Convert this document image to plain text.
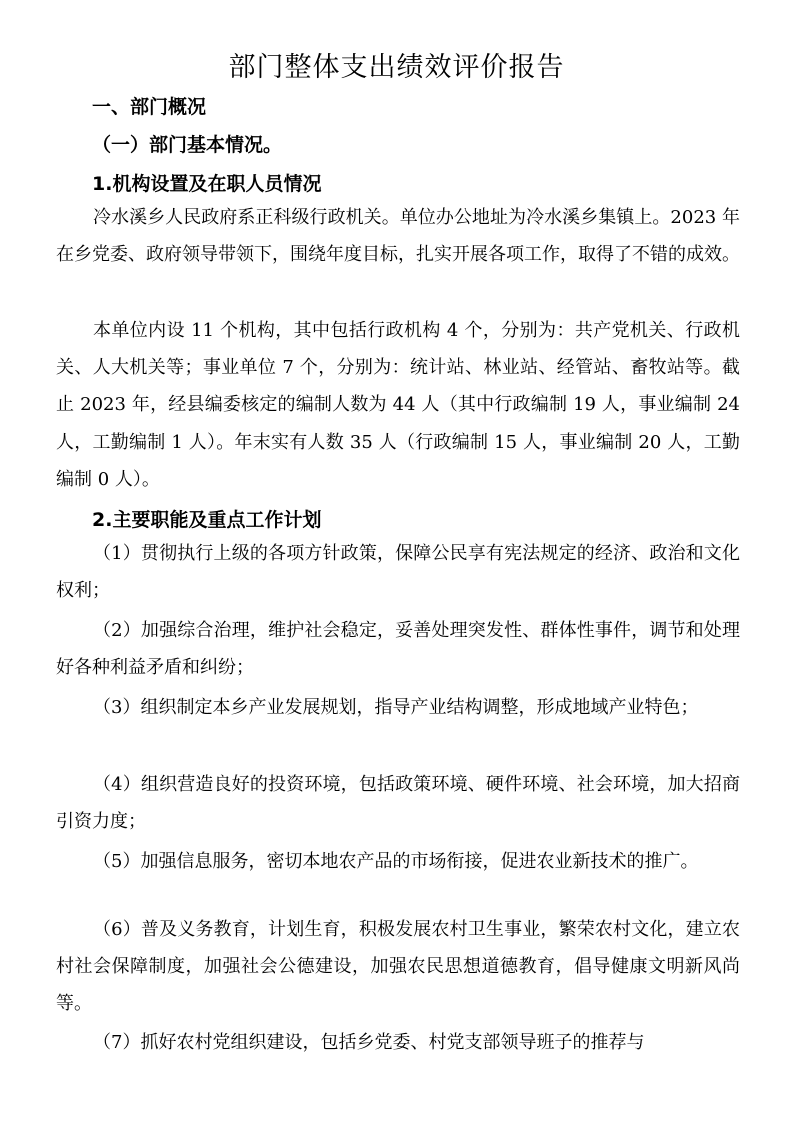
部门整体支出绩效评价报告
一、部门概况
（一）部门基本情况。
1.机构设置及在职人员情况

冷水溪乡人民政府系正科级行政机关。单位办公地址为冷水溪乡集镇上。2023 年在乡党委、政府领导带领下，围绕年度目标，扎实开展各项工作，取得了不错的成效。

本单位内设 11 个机构，其中包括行政机构 4 个，分别为：共产党机关、行政机关、人大机关等；事业单位 7 个，分别为：统计站、林业站、经管站、畜牧站等。截止 2023 年，经县编委核定的编制人数为 44 人（其中行政编制 19 人，事业编制 24 人，工勤编制 1 人）。年末实有人数 35 人（行政编制 15 人，事业编制 20 人，工勤编制 0 人）。

2.主要职能及重点工作计划

（1）贯彻执行上级的各项方针政策，保障公民享有宪法规定的经济、政治和文化权利；

（2）加强综合治理，维护社会稳定，妥善处理突发性、群体性事件，调节和处理好各种利益矛盾和纠纷；

（3）组织制定本乡产业发展规划，指导产业结构调整，形成地域产业特色；

（4）组织营造良好的投资环境，包括政策环境、硬件环境、社会环境，加大招商引资力度；

（5）加强信息服务，密切本地农产品的市场衔接，促进农业新技术的推广。

（6）普及义务教育，计划生育，积极发展农村卫生事业，繁荣农村文化，建立农村社会保障制度，加强社会公德建设，加强农民思想道德教育，倡导健康文明新风尚等。

（7）抓好农村党组织建设，包括乡党委、村党支部领导班子的推荐与
